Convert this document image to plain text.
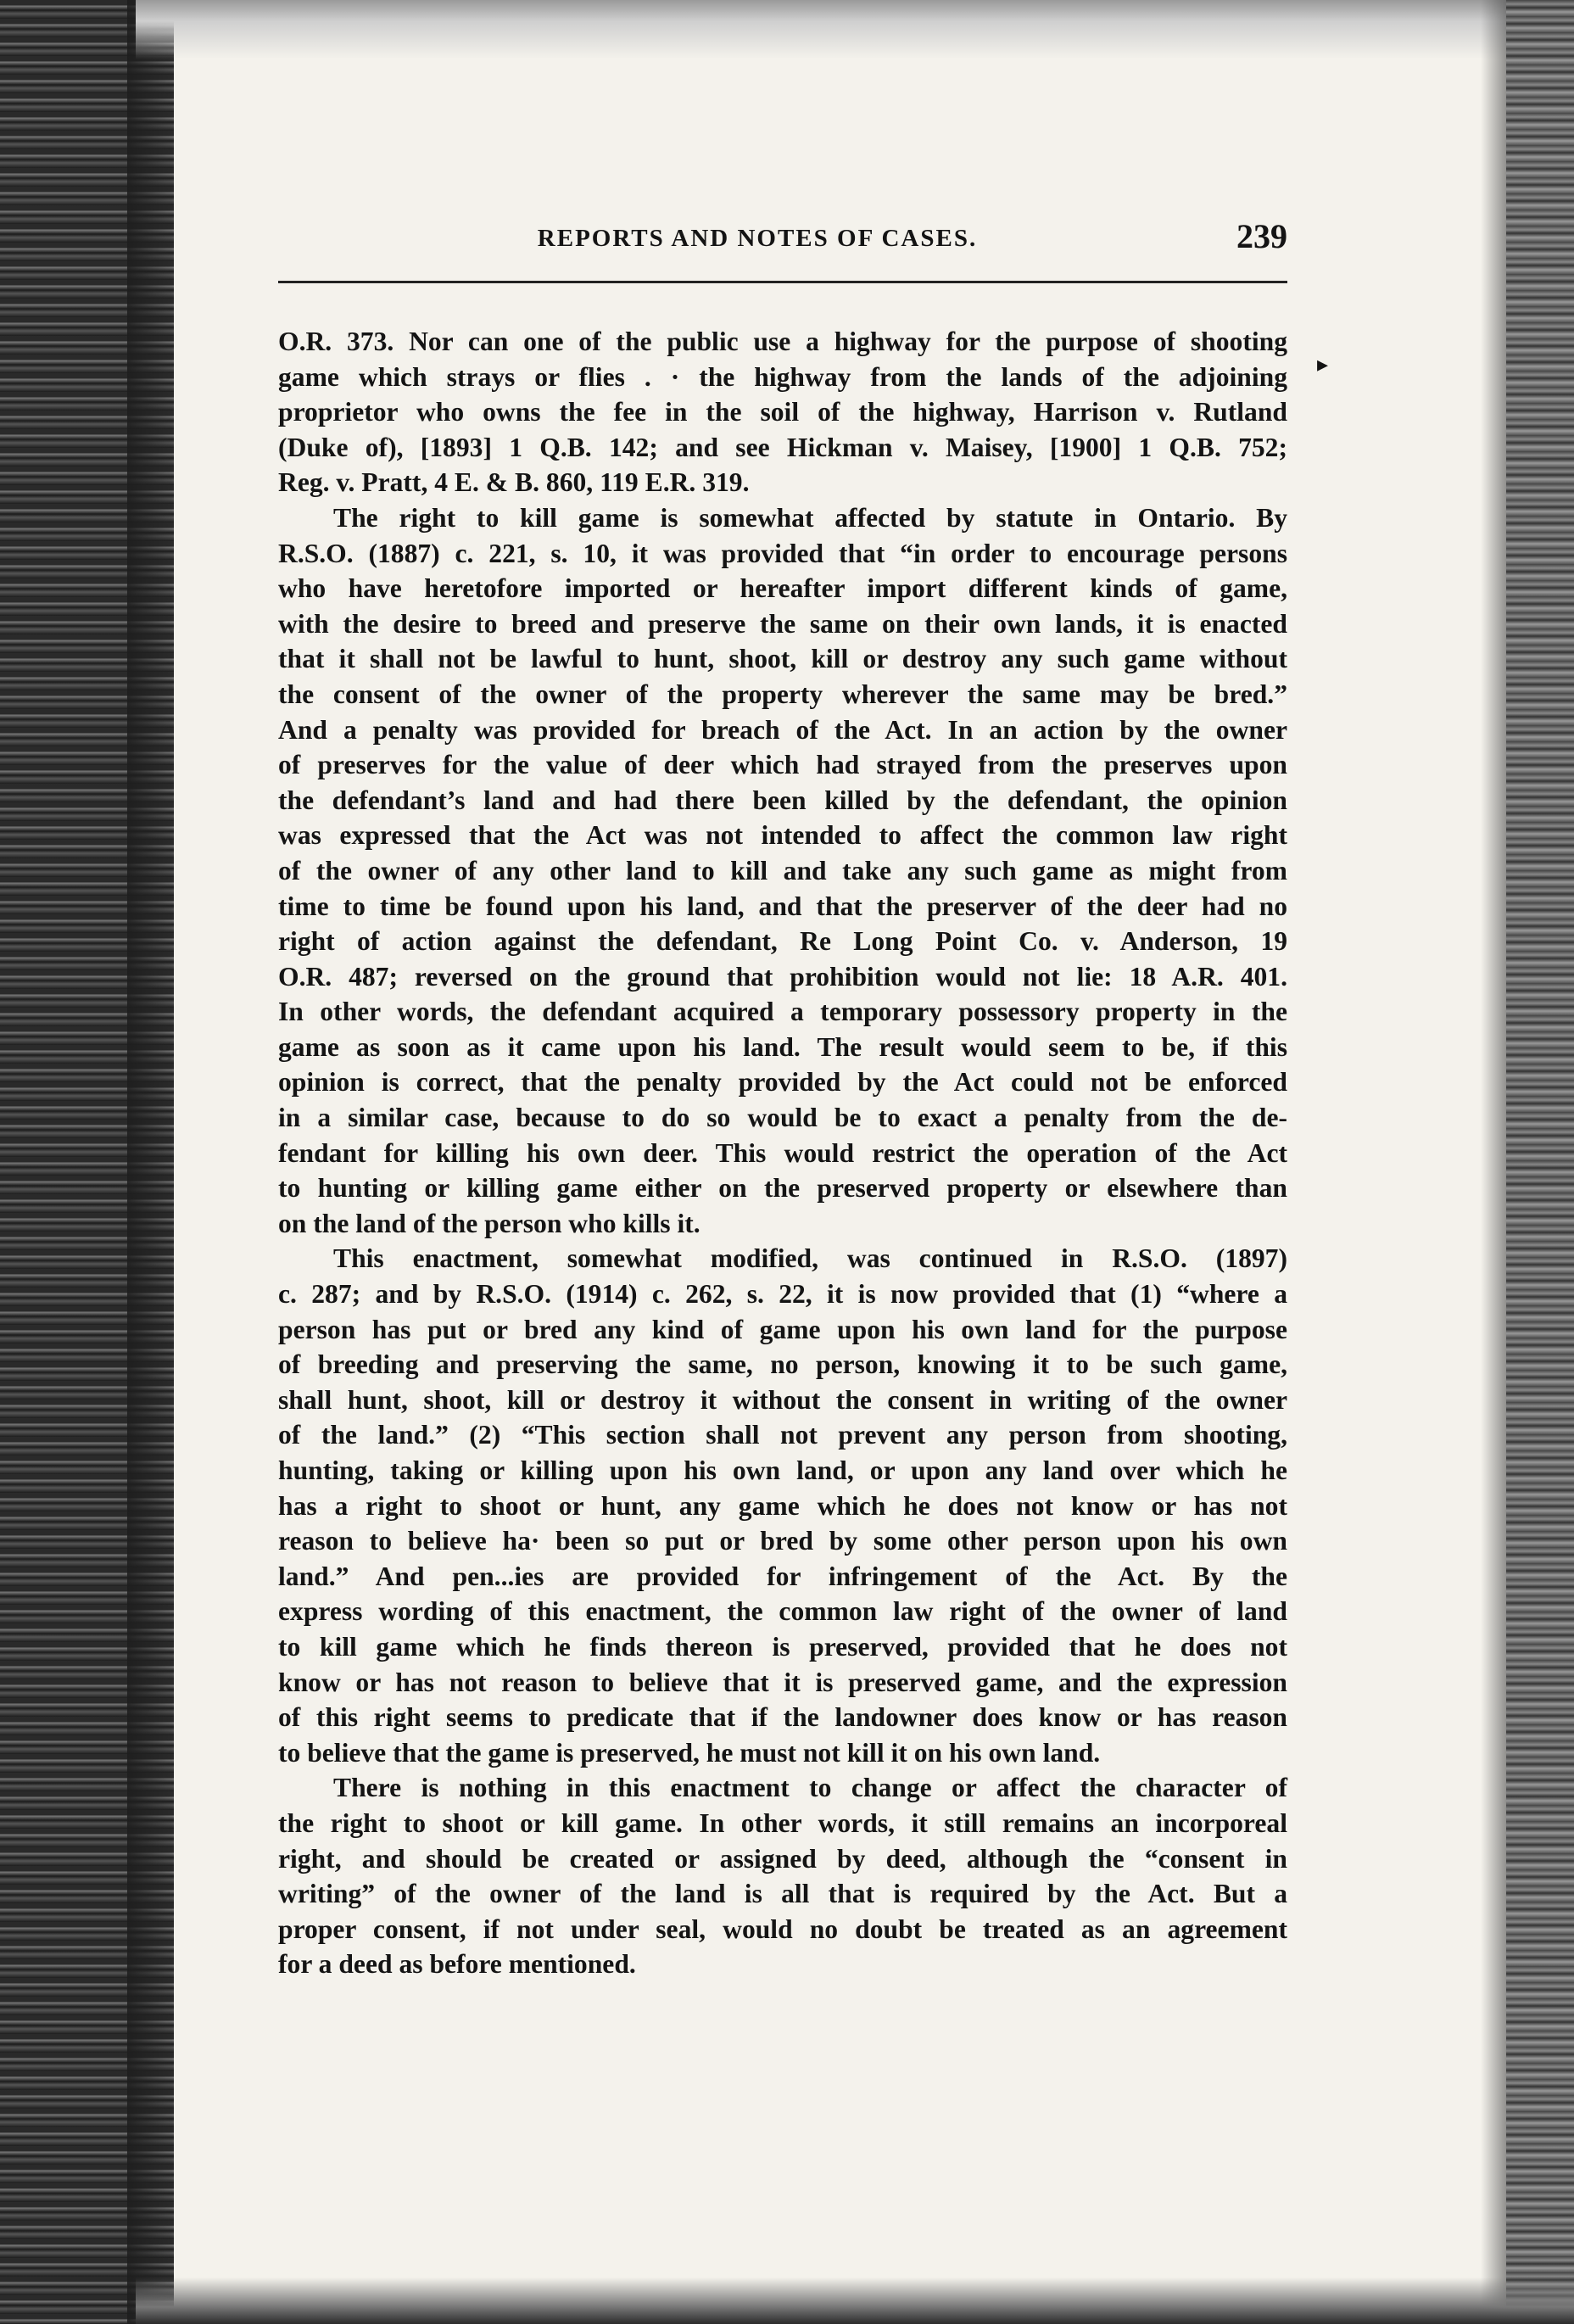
REPORTS AND NOTES OF CASES.	239

O.R. 373. Nor can one of the public use a highway for the purpose of shooting

game which strays or flies . · the highway from the lands of the adjoining

proprietor who owns the fee in the soil of the highway, Harrison v. Rutland

(Duke of), [1893] 1 Q.B. 142; and see Hickman v. Maisey, [1900] 1 Q.B. 752;

Reg. v. Pratt, 4 E. & B. 860, 119 E.R. 319.

The right to kill game is somewhat affected by statute in Ontario. By

R.S.O. (1887) c. 221, s. 10, it was provided that “in order to encourage persons

who have heretofore imported or hereafter import different kinds of game,

with the desire to breed and preserve the same on their own lands, it is enacted

that it shall not be lawful to hunt, shoot, kill or destroy any such game without

the consent of the owner of the property wherever the same may be bred.”

And a penalty was provided for breach of the Act. In an action by the owner

of preserves for the value of deer which had strayed from the preserves upon

the defendant’s land and had there been killed by the defendant, the opinion

was expressed that the Act was not intended to affect the common law right

of the owner of any other land to kill and take any such game as might from

time to time be found upon his land, and that the preserver of the deer had no

right of action against the defendant, Re Long Point Co. v. Anderson, 19

O.R. 487; reversed on the ground that prohibition would not lie: 18 A.R. 401.

In other words, the defendant acquired a temporary possessory property in the

game as soon as it came upon his land. The result would seem to be, if this

opinion is correct, that the penalty provided by the Act could not be enforced

in a similar case, because to do so would be to exact a penalty from the de-

fendant for killing his own deer. This would restrict the operation of the Act

to hunting or killing game either on the preserved property or elsewhere than

on the land of the person who kills it.

This enactment, somewhat modified, was continued in R.S.O. (1897)

c. 287; and by R.S.O. (1914) c. 262, s. 22, it is now provided that (1) “where a

person has put or bred any kind of game upon his own land for the purpose

of breeding and preserving the same, no person, knowing it to be such game,

shall hunt, shoot, kill or destroy it without the consent in writing of the owner

of the land.” (2) “This section shall not prevent any person from shooting,

hunting, taking or killing upon his own land, or upon any land over which he

has a right to shoot or hunt, any game which he does not know or has not

reason to believe ha· been so put or bred by some other person upon his own

land.” And pen...ies are provided for infringement of the Act. By the

express wording of this enactment, the common law right of the owner of land

to kill game which he finds thereon is preserved, provided that he does not

know or has not reason to believe that it is preserved game, and the expression

of this right seems to predicate that if the landowner does know or has reason

to believe that the game is preserved, he must not kill it on his own land.

There is nothing in this enactment to change or affect the character of

the right to shoot or kill game. In other words, it still remains an incorporeal

right, and should be created or assigned by deed, although the “consent in

writing” of the owner of the land is all that is required by the Act. But a

proper consent, if not under seal, would no doubt be treated as an agreement

for a deed as before mentioned.

▸
